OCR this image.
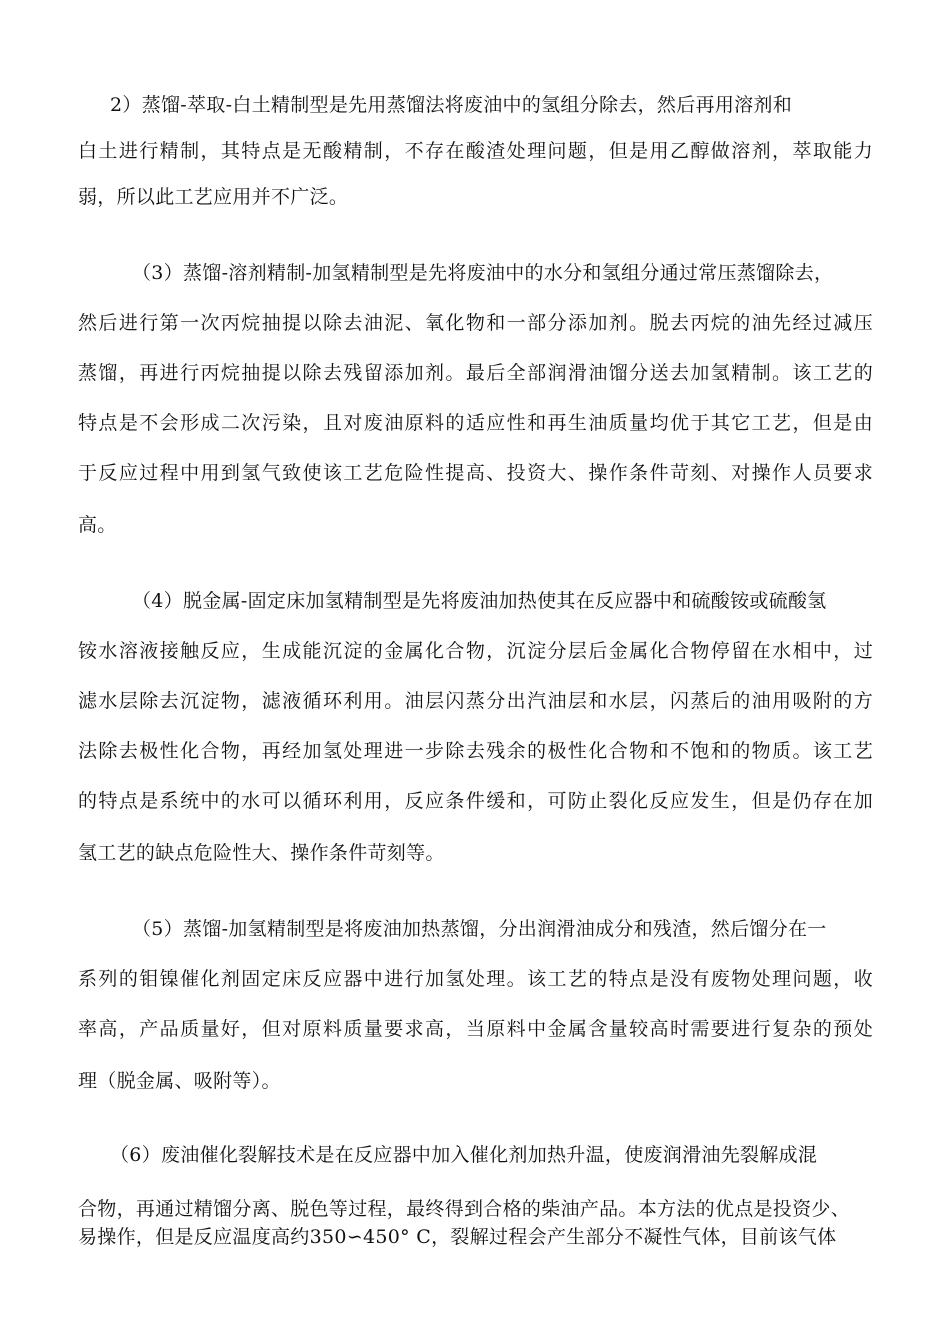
2）蒸馏-萃取-白土精制型是先用蒸馏法将废油中的氢组分除去，然后再用溶剂和
白土进行精制，其特点是无酸精制，不存在酸渣处理问题，但是用乙醇做溶剂，萃取能力
弱，所以此工艺应用并不广泛。
（3）蒸馏-溶剂精制-加氢精制型是先将废油中的水分和氢组分通过常压蒸馏除去，
然后进行第一次丙烷抽提以除去油泥、氧化物和一部分添加剂。脱去丙烷的油先经过减压
蒸馏，再进行丙烷抽提以除去残留添加剂。最后全部润滑油馏分送去加氢精制。该工艺的
特点是不会形成二次污染，且对废油原料的适应性和再生油质量均优于其它工艺，但是由
于反应过程中用到氢气致使该工艺危险性提高、投资大、操作条件苛刻、对操作人员要求
高。
（4）脱金属-固定床加氢精制型是先将废油加热使其在反应器中和硫酸铵或硫酸氢
铵水溶液接触反应，生成能沉淀的金属化合物，沉淀分层后金属化合物停留在水相中，过
滤水层除去沉淀物，滤液循环利用。油层闪蒸分出汽油层和水层，闪蒸后的油用吸附的方
法除去极性化合物，再经加氢处理进一步除去残余的极性化合物和不饱和的物质。该工艺
的特点是系统中的水可以循环利用，反应条件缓和，可防止裂化反应发生，但是仍存在加
氢工艺的缺点危险性大、操作条件苛刻等。
（5）蒸馏-加氢精制型是将废油加热蒸馏，分出润滑油成分和残渣，然后馏分在一
系列的钼镍催化剂固定床反应器中进行加氢处理。该工艺的特点是没有废物处理问题，收
率高，产品质量好，但对原料质量要求高，当原料中金属含量较高时需要进行复杂的预处
理（脱金属、吸附等）。
（6）废油催化裂解技术是在反应器中加入催化剂加热升温，使废润滑油先裂解成混
合物，再通过精馏分离、脱色等过程，最终得到合格的柴油产品。本方法的优点是投资少、
易操作，但是反应温度高约350∽450° C，裂解过程会产生部分不凝性气体，目前该气体
